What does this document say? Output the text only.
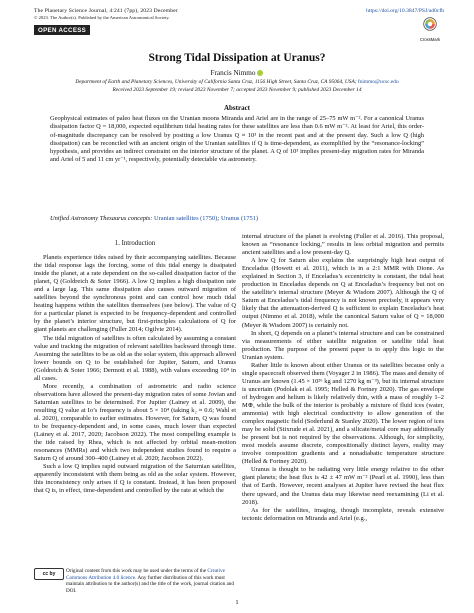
The Planetary Science Journal, 4:241 (7pp), 2023 December
© 2023. The Author(s). Published by the American Astronomical Society.
https://doi.org/10.3847/PSJ/ad0cfb
OPEN ACCESS
CrossMark
Strong Tidal Dissipation at Uranus?
Francis Nimmo
Department of Earth and Planetary Sciences, University of California Santa Cruz, 1156 High Street, Santa Cruz, CA 95064, USA; fnimmo@ucsc.edu
Received 2023 September 19; revised 2023 November 7; accepted 2023 November 9; published 2023 December 14
Abstract
Geophysical estimates of paleo heat fluxes on the Uranian moons Miranda and Ariel are in the range of 25–75 mW m⁻². For a canonical Uranus dissipation factor Q = 18,000, expected equilibrium tidal heating rates for these satellites are less than 0.6 mW m⁻². At least for Ariel, this order-of-magnitude discrepancy can be resolved by positing a low Uranus Q ≈ 10³ in the recent past and at the present day. Such a low Q (high dissipation) can be reconciled with an ancient origin of the Uranian satellites if Q is time-dependent, as exemplified by the “resonance-locking” hypothesis, and provides an indirect constraint on the interior structure of the planet. A Q of 10³ implies present-day migration rates for Miranda and Ariel of 5 and 11 cm yr⁻¹, respectively, potentially detectable via astrometry.
Unified Astronomy Thesaurus concepts: Uranian satellites (1750); Uranus (1751)
1. Introduction

Planets experience tides raised by their accompanying satellites. Because the tidal response lags the forcing, some of this tidal energy is dissipated inside the planet, at a rate dependent on the so-called dissipation factor of the planet, Q (Goldreich & Soter 1966). A low Q implies a high dissipation rate and a large lag. This same dissipation also causes outward migration of satellites beyond the synchronous point and can control how much tidal heating happens within the satellites themselves (see below). The value of Q for a particular planet is expected to be frequency-dependent and controlled by the planet’s interior structure, but first-principles calculations of Q for giant planets are challenging (Fuller 2014; Ogilvie 2014).

The tidal migration of satellites is often calculated by assuming a constant value and tracking the migration of relevant satellites backward through time. Assuming the satellites to be as old as the solar system, this approach allowed lower bounds on Q to be established for Jupiter, Saturn, and Uranus (Goldreich & Soter 1966; Dermott et al. 1988), with values exceeding 10⁴ in all cases.

More recently, a combination of astrometric and radio science observations have allowed the present-day migration rates of some Jovian and Saturnian satellites to be determined. For Jupiter (Lainey et al. 2009), the resulting Q value at Io’s frequency is about 5 × 10⁴ (taking k₂ ≈ 0.6; Wahl et al. 2020), comparable to earlier estimates. However, for Saturn, Q was found to be frequency-dependent and, in some cases, much lower than expected (Lainey et al. 2017, 2020; Jacobson 2022). The most compelling example is the tide raised by Rhea, which is not affected by orbital mean-motion resonances (MMRs) and which two independent studies found to require a Saturn Q of around 300–400 (Lainey et al. 2020; Jacobson 2022).

Such a low Q implies rapid outward migration of the Saturnian satellites, apparently inconsistent with them being as old as the solar system. However, this inconsistency only arises if Q is constant. Instead, it has been proposed that Q is, in effect, time-dependent and controlled by the rate at which the

internal structure of the planet is evolving (Fuller et al. 2016). This proposal, known as “resonance locking,” results in less orbital migration and permits ancient satellites and a low present-day Q.

A low Q for Saturn also explains the surprisingly high heat output of Enceladus (Howett et al. 2011), which is in a 2:1 MMR with Dione. As explained in Section 3, if Enceladus’s eccentricity is constant, the tidal heat production in Enceladus depends on Q at Enceladus’s frequency but not on the satellite’s internal structure (Meyer & Wisdom 2007). Although the Q of Saturn at Enceladus’s tidal frequency is not known precisely, it appears very likely that the attenuation-derived Q is sufficient to explain Enceladus’s heat output (Nimmo et al. 2018), while the canonical Saturn value of Q = 18,000 (Meyer & Wisdom 2007) is certainly not.

In short, Q depends on a planet’s internal structure and can be constrained via measurements of either satellite migration or satellite tidal heat production. The purpose of the present paper is to apply this logic to the Uranian system.

Rather little is known about either Uranus or its satellites because only a single spacecraft observed them (Voyager 2 in 1986). The mass and density of Uranus are known (1.45 × 10²⁶ kg and 1270 kg m⁻³), but its internal structure is uncertain (Podolak et al. 1995; Helled & Fortney 2020). The gas envelope of hydrogen and helium is likely relatively thin, with a mass of roughly 1–2 M⊕, while the bulk of the interior is probably a mixture of fluid ices (water, ammonia) with high electrical conductivity to allow generation of the complex magnetic field (Soderlund & Stanley 2020). The lower region of ices may be solid (Stixrude et al. 2021), and a silicate/metal core may additionally be present but is not required by the observations. Although, for simplicity, most models assume discrete, compositionally distinct layers, reality may involve composition gradients and a nonadiabatic temperature structure (Helled & Fortney 2020).

Uranus is thought to be radiating very little energy relative to the other giant planets; the heat flux is 42 ± 47 mW m⁻² (Pearl et al. 1990), less than that of Earth. However, recent analyses at Jupiter have revised the heat flux there upward, and the Uranus data may likewise need reexamining (Li et al. 2018).

As for the satellites, imaging, though incomplete, reveals extensive tectonic deformation on Miranda and Ariel (e.g.,

cc by	Original content from this work may be used under the terms of the Creative Commons Attribution 4.0 licence. Any further distribution of this work must maintain attribution to the author(s) and the title of the work, journal citation and DOI.
1
